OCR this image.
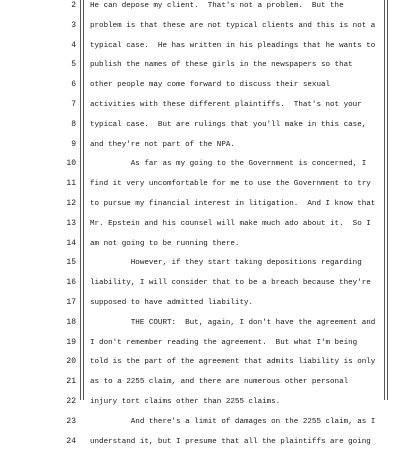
2 He can depose my client.  That's not a problem.  But the
3 problem is that these are not typical clients and this is not a
4 typical case.  He has written in his pleadings that he wants to
5 publish the names of these girls in the newspapers so that
6 other people may come forward to discuss their sexual
7 activities with these different plaintiffs.  That's not your
8 typical case.  But are rulings that you'll make in this case,
9 and they're not part of the NPA.
10 As far as my going to the Government is concerned, I
11 find it very uncomfortable for me to use the Government to try
12 to pursue my financial interest in litigation.  And I know that
13 Mr. Epstein and his counsel will make much ado about it.  So I
14 am not going to be running there.
15 However, if they start taking depositions regarding
16 liability, I will consider that to be a breach because they're
17 supposed to have admitted liability.
18 THE COURT:  But, again, I don't have the agreement and
19 I don't remember reading the agreement.  But what I'm being
20 told is the part of the agreement that admits liability is only
21 as to a 2255 claim, and there are numerous other personal
22 injury tort claims other than 2255 claims.
23 And there's a limit of damages on the 2255 claim, as I
24 understand it, but I presume that all the plaintiffs are going
